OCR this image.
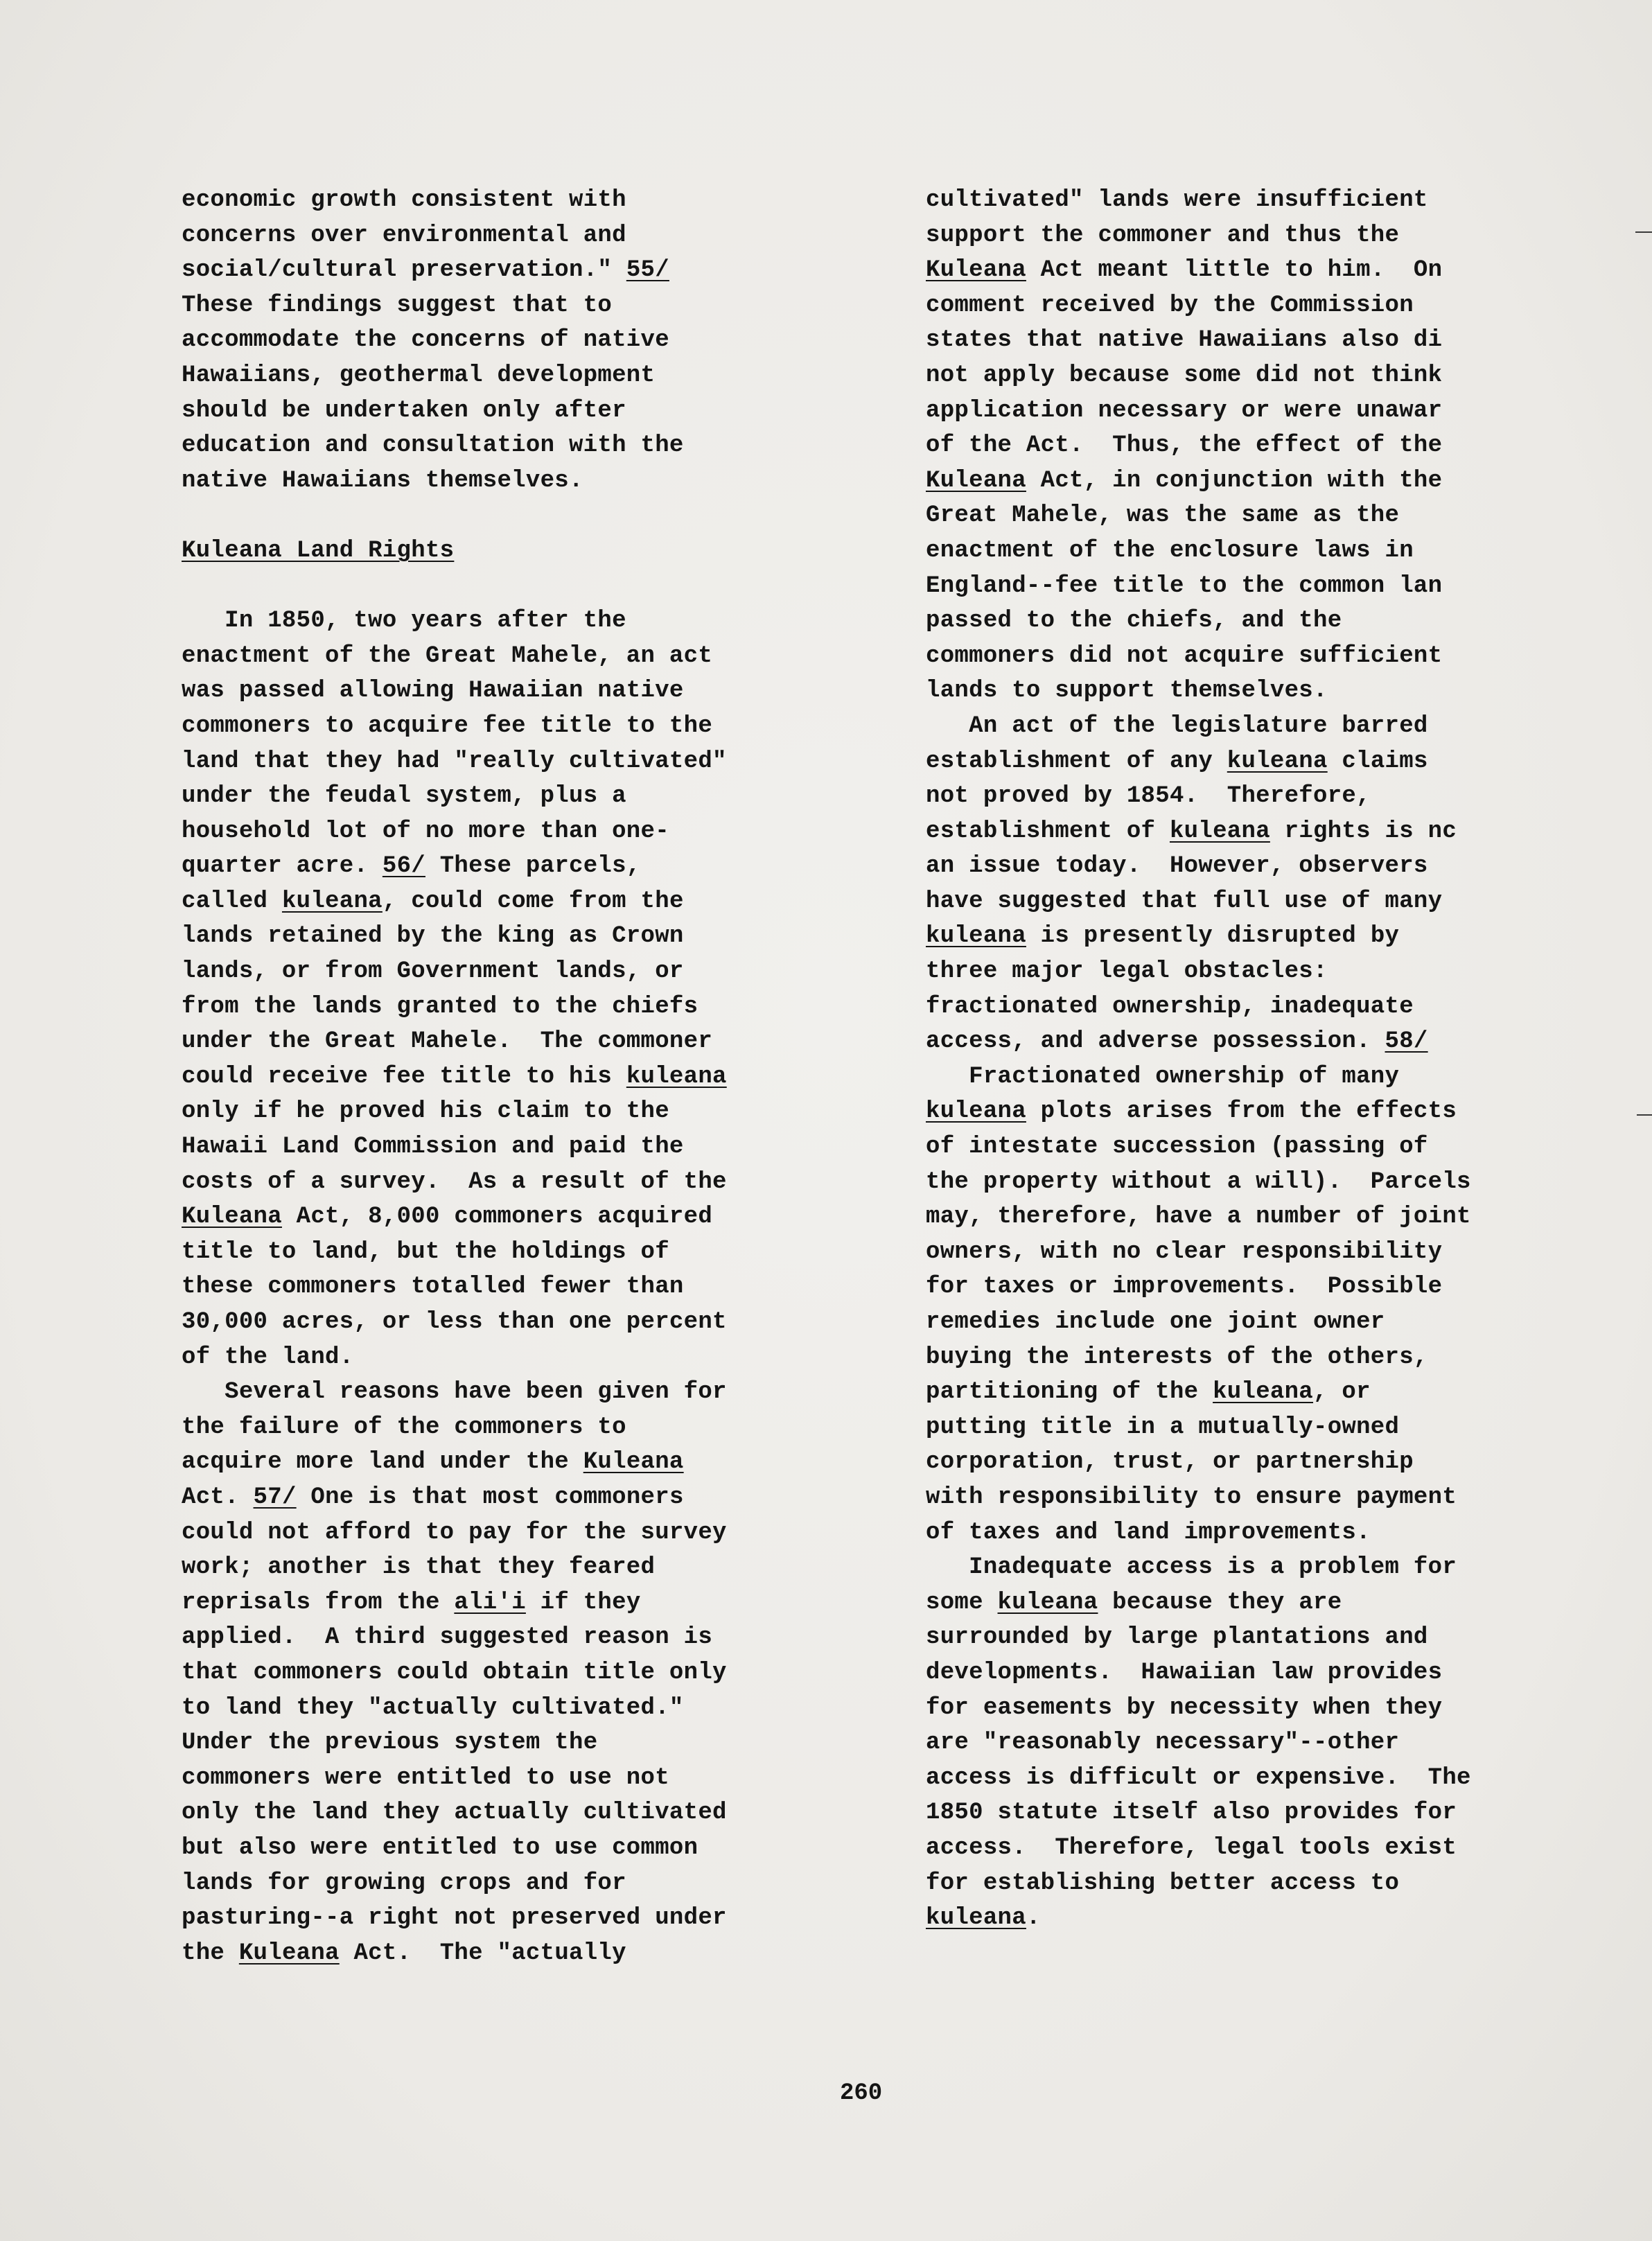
economic growth consistent with
concerns over environmental and
social/cultural preservation." 55/
These findings suggest that to
accommodate the concerns of native
Hawaiians, geothermal development
should be undertaken only after
education and consultation with the
native Hawaiians themselves.
Kuleana Land Rights
In 1850, two years after the
enactment of the Great Mahele, an act
was passed allowing Hawaiian native
commoners to acquire fee title to the
land that they had "really cultivated"
under the feudal system, plus a
household lot of no more than one-
quarter acre. 56/ These parcels,
called kuleana, could come from the
lands retained by the king as Crown
lands, or from Government lands, or
from the lands granted to the chiefs
under the Great Mahele.  The commoner
could receive fee title to his kuleana
only if he proved his claim to the
Hawaii Land Commission and paid the
costs of a survey.  As a result of the
Kuleana Act, 8,000 commoners acquired
title to land, but the holdings of
these commoners totalled fewer than
30,000 acres, or less than one percent
of the land.
Several reasons have been given for
the failure of the commoners to
acquire more land under the Kuleana
Act. 57/ One is that most commoners
could not afford to pay for the survey
work; another is that they feared
reprisals from the ali'i if they
applied.  A third suggested reason is
that commoners could obtain title only
to land they "actually cultivated."
Under the previous system the
commoners were entitled to use not
only the land they actually cultivated
but also were entitled to use common
lands for growing crops and for
pasturing--a right not preserved under
the Kuleana Act.  The "actually
cultivated" lands were insufficient
support the commoner and thus the
Kuleana Act meant little to him.  On
comment received by the Commission
states that native Hawaiians also di
not apply because some did not think
application necessary or were unawar
of the Act.  Thus, the effect of the
Kuleana Act, in conjunction with the
Great Mahele, was the same as the
enactment of the enclosure laws in
England--fee title to the common lan
passed to the chiefs, and the
commoners did not acquire sufficient
lands to support themselves.
An act of the legislature barred
establishment of any kuleana claims
not proved by 1854.  Therefore,
establishment of kuleana rights is nc
an issue today.  However, observers
have suggested that full use of many
kuleana is presently disrupted by
three major legal obstacles:
fractionated ownership, inadequate
access, and adverse possession. 58/
Fractionated ownership of many
kuleana plots arises from the effects
of intestate succession (passing of
the property without a will).  Parcels
may, therefore, have a number of joint
owners, with no clear responsibility
for taxes or improvements.  Possible
remedies include one joint owner
buying the interests of the others,
partitioning of the kuleana, or
putting title in a mutually-owned
corporation, trust, or partnership
with responsibility to ensure payment
of taxes and land improvements.
Inadequate access is a problem for
some kuleana because they are
surrounded by large plantations and
developments.  Hawaiian law provides
for easements by necessity when they
are "reasonably necessary"--other
access is difficult or expensive.  The
1850 statute itself also provides for
access.  Therefore, legal tools exist
for establishing better access to
kuleana.
260
